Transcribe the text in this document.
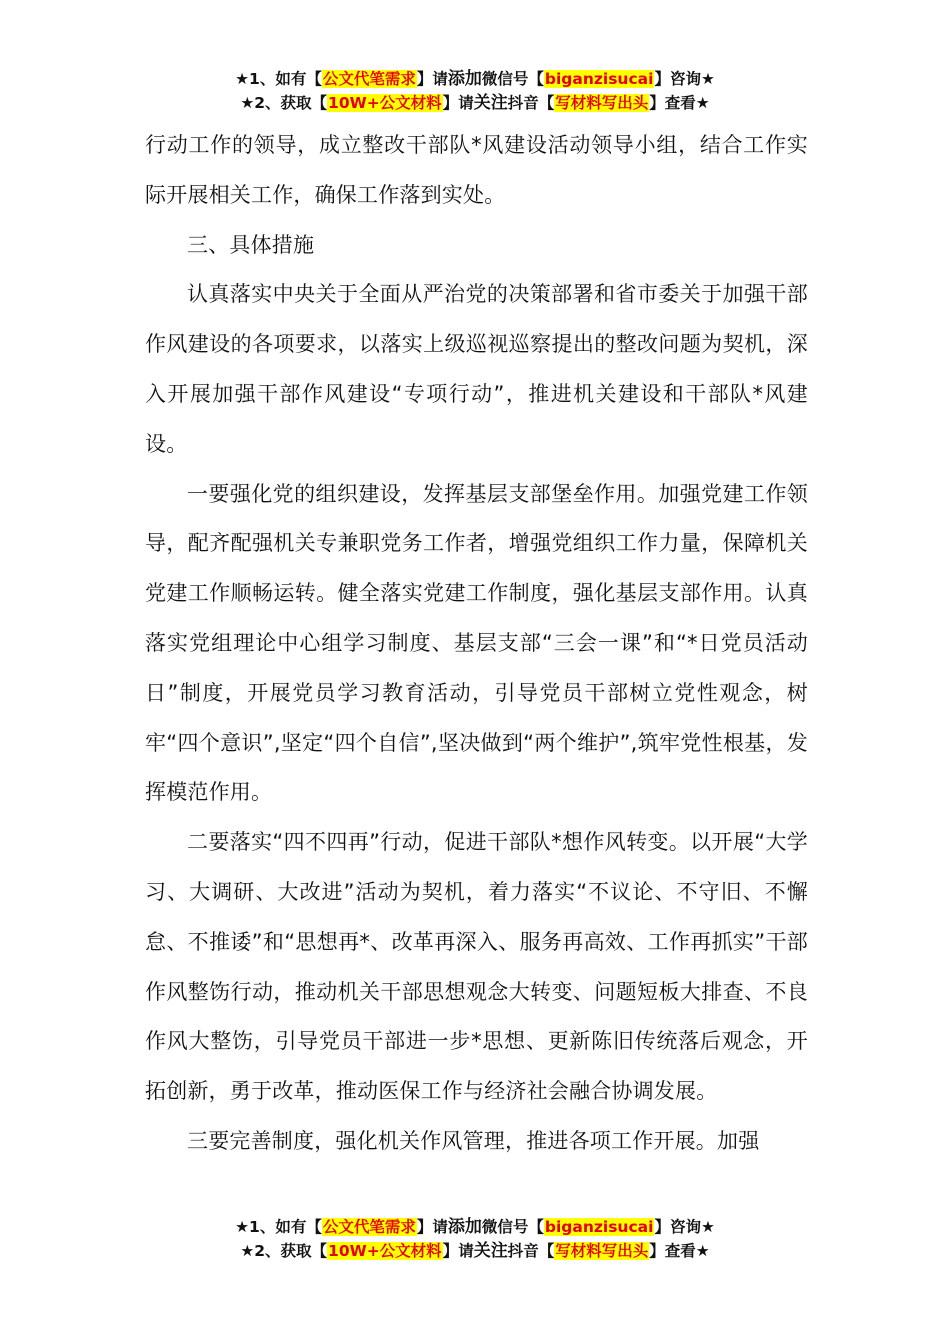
★1、如有【公文代笔需求】请添加微信号【biganzisucai】咨询★
★2、获取【10W+公文材料】请关注抖音【写材料写出头】查看★

行动工作的领导，成立整改干部队*风建设活动领导小组，结合工作实际开展相关工作，确保工作落到实处。

三、具体措施

认真落实中央关于全面从严治党的决策部署和省市委关于加强干部作风建设的各项要求，以落实上级巡视巡察提出的整改问题为契机，深入开展加强干部作风建设“专项行动”，推进机关建设和干部队*风建设。

一要强化党的组织建设，发挥基层支部堡垒作用。加强党建工作领导，配齐配强机关专兼职党务工作者，增强党组织工作力量，保障机关党建工作顺畅运转。健全落实党建工作制度，强化基层支部作用。认真落实党组理论中心组学习制度、基层支部“三会一课”和“*日党员活动日”制度，开展党员学习教育活动，引导党员干部树立党性观念，树牢“四个意识”,坚定“四个自信”,坚决做到“两个维护”,筑牢党性根基，发挥模范作用。

二要落实“四不四再”行动，促进干部队*想作风转变。以开展“大学习、大调研、大改进”活动为契机，着力落实“不议论、不守旧、不懈怠、不推诿”和“思想再*、改革再深入、服务再高效、工作再抓实”干部作风整饬行动，推动机关干部思想观念大转变、问题短板大排查、不良作风大整饬，引导党员干部进一步*思想、更新陈旧传统落后观念，开拓创新，勇于改革，推动医保工作与经济社会融合协调发展。

三要完善制度，强化机关作风管理，推进各项工作开展。加强

★1、如有【公文代笔需求】请添加微信号【biganzisucai】咨询★
★2、获取【10W+公文材料】请关注抖音【写材料写出头】查看★
